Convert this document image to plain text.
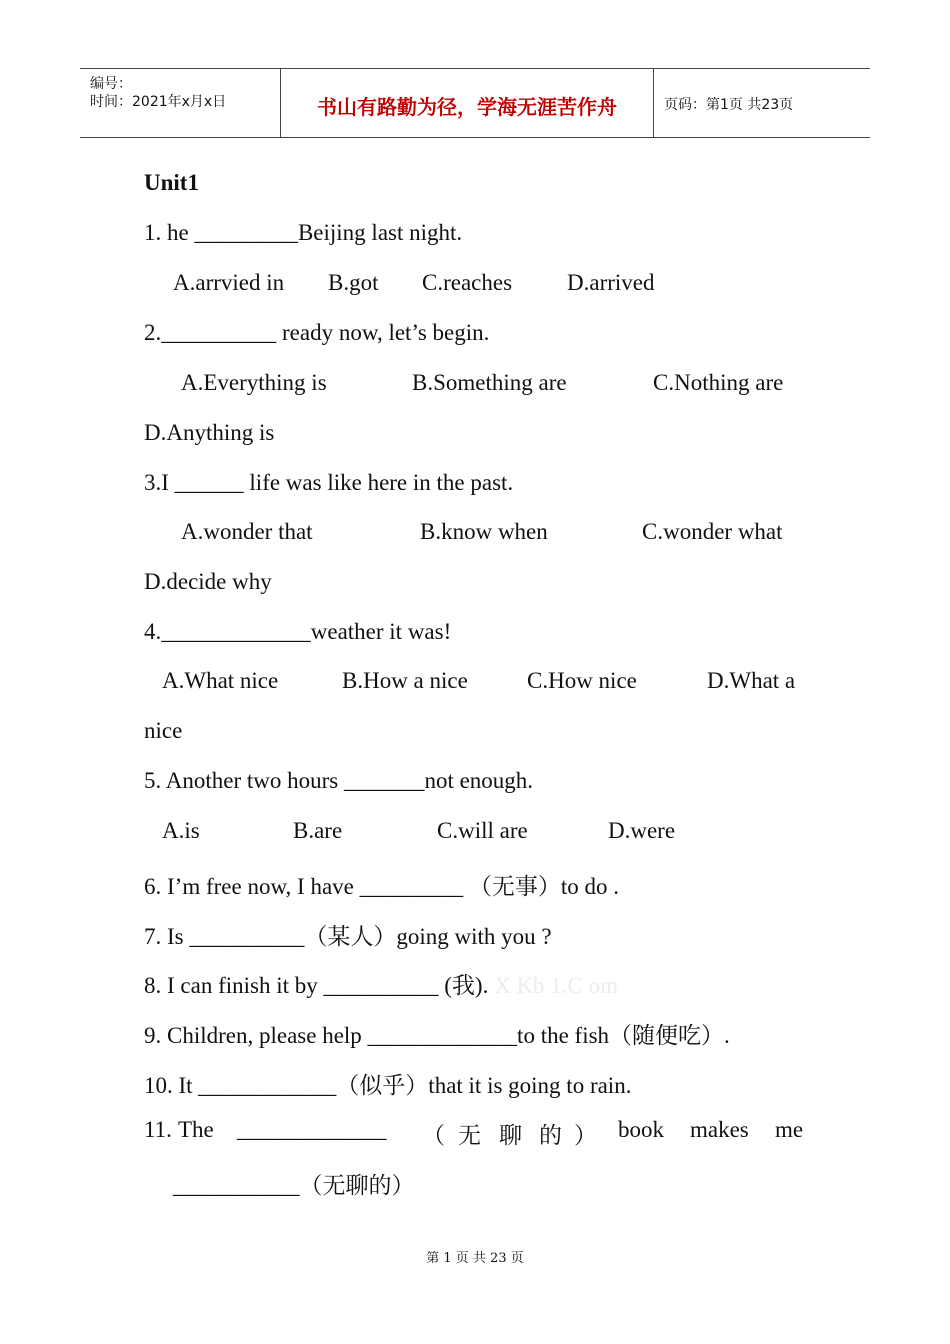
编号：
时间：2021年x月x日	书山有路勤为径，学海无涯苦作舟	页码：第1页 共23页
Unit1
1. he _________Beijing last night.
A.arrvied in B.got C.reaches D.arrived
2.__________ ready now, let’s begin.
A.Everything is	B.Something are	C.Nothing are
D.Anything is
3.I ______ life was like here in the past.
A.wonder that	B.know when	C.wonder what
D.decide why
4._____________weather it was!
A.What nice	B.How a nice	C.How nice	D.What a
nice
5. Another two hours _______not enough.
A.is	B.are	C.will are	D.were
6. I’m free now, I have _________ （无事）to do .
7. Is __________（某人）going with you ?
8. I can finish it by __________ (我). X Kb 1.C om
9. Children, please help _____________to the fish（随便吃）.
10. It ____________（似乎）that it is going to rain.
11. The _____________ （ 无 聊 的 ） book makes me
___________（无聊的）
第 1 页 共 23 页
